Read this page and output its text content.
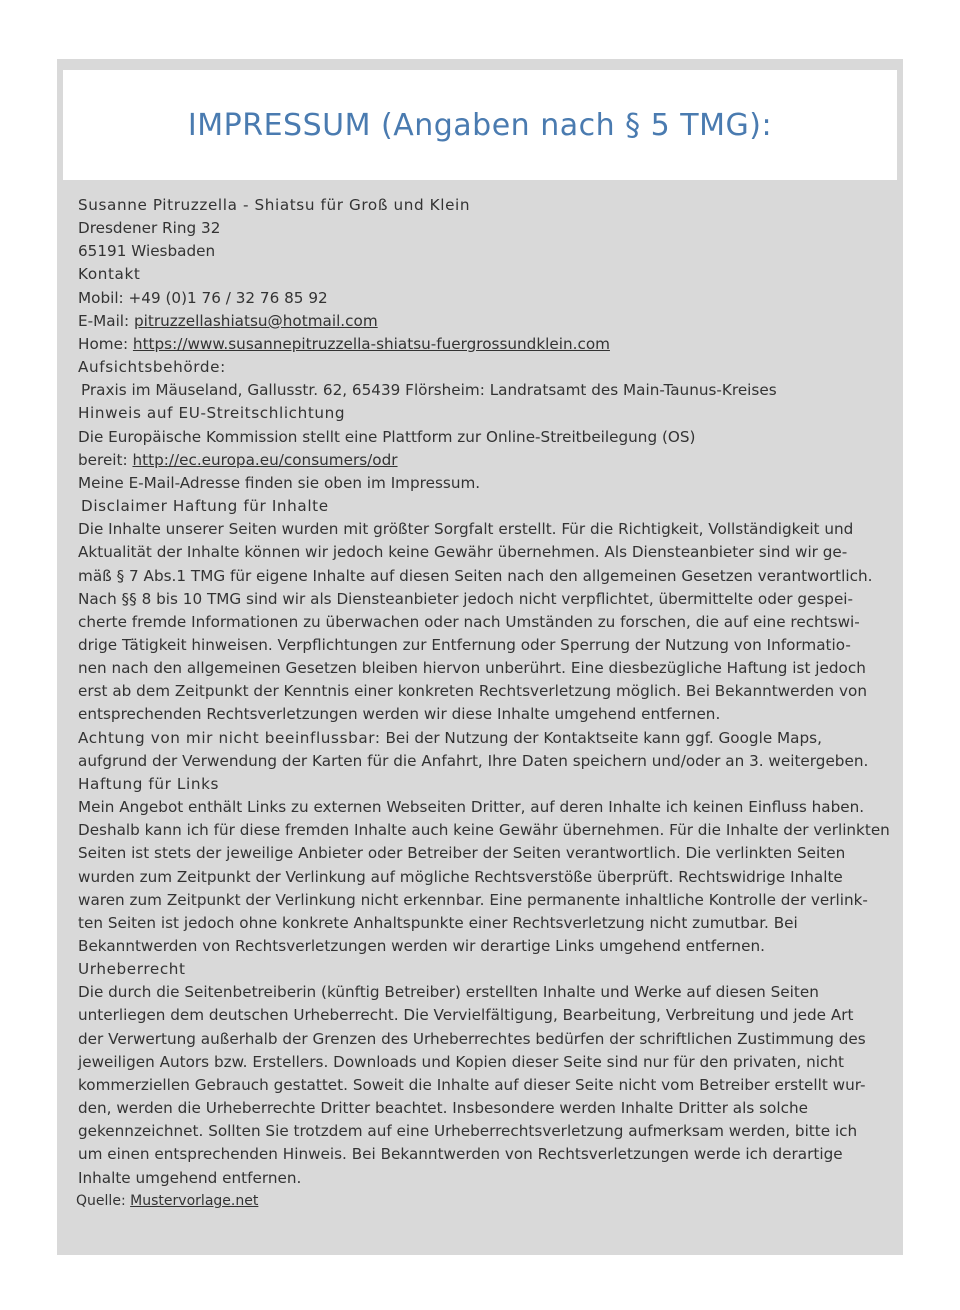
IMPRESSUM (Angaben nach § 5 TMG):
Susanne Pitruzzella - Shiatsu für Groß und Klein
Dresdener Ring 32
65191 Wiesbaden
Kontakt
Mobil: +49 (0)1 76 / 32 76 85 92
E-Mail: pitruzzellashiatsu@hotmail.com
Home: https://www.susannepitruzzella-shiatsu-fuergrossundklein.com
Aufsichtsbehörde:
Praxis im Mäuseland, Gallusstr. 62, 65439 Flörsheim: Landratsamt des Main-Taunus-Kreises
Hinweis auf EU-Streitschlichtung
Die Europäische Kommission stellt eine Plattform zur Online-Streitbeilegung (OS)
bereit: http://ec.europa.eu/consumers/odr
Meine E-Mail-Adresse finden sie oben im Impressum.
Disclaimer Haftung für Inhalte
Die Inhalte unserer Seiten wurden mit größter Sorgfalt erstellt. Für die Richtigkeit, Vollständigkeit und
Aktualität der Inhalte können wir jedoch keine Gewähr übernehmen. Als Diensteanbieter sind wir ge-
mäß § 7 Abs.1 TMG für eigene Inhalte auf diesen Seiten nach den allgemeinen Gesetzen verantwortlich.
Nach §§ 8 bis 10 TMG sind wir als Diensteanbieter jedoch nicht verpflichtet, übermittelte oder gespei-
cherte fremde Informationen zu überwachen oder nach Umständen zu forschen, die auf eine rechtswi-
drige Tätigkeit hinweisen. Verpflichtungen zur Entfernung oder Sperrung der Nutzung von Informatio-
nen nach den allgemeinen Gesetzen bleiben hiervon unberührt. Eine diesbezügliche Haftung ist jedoch
erst ab dem Zeitpunkt der Kenntnis einer konkreten Rechtsverletzung möglich. Bei Bekanntwerden von
entsprechenden Rechtsverletzungen werden wir diese Inhalte umgehend entfernen.
Achtung von mir nicht beeinflussbar: Bei der Nutzung der Kontaktseite kann ggf. Google Maps,
aufgrund der Verwendung der Karten für die Anfahrt, Ihre Daten speichern und/oder an 3. weitergeben.
Haftung für Links
Mein Angebot enthält Links zu externen Webseiten Dritter, auf deren Inhalte ich keinen Einfluss haben.
Deshalb kann ich für diese fremden Inhalte auch keine Gewähr übernehmen. Für die Inhalte der verlinkten
Seiten ist stets der jeweilige Anbieter oder Betreiber der Seiten verantwortlich. Die verlinkten Seiten
wurden zum Zeitpunkt der Verlinkung auf mögliche Rechtsverstöße überprüft. Rechtswidrige Inhalte
waren zum Zeitpunkt der Verlinkung nicht erkennbar. Eine permanente inhaltliche Kontrolle der verlink-
ten Seiten ist jedoch ohne konkrete Anhaltspunkte einer Rechtsverletzung nicht zumutbar. Bei
Bekanntwerden von Rechtsverletzungen werden wir derartige Links umgehend entfernen.
Urheberrecht
Die durch die Seitenbetreiberin (künftig Betreiber) erstellten Inhalte und Werke auf diesen Seiten
unterliegen dem deutschen Urheberrecht. Die Vervielfältigung, Bearbeitung, Verbreitung und jede Art
der Verwertung außerhalb der Grenzen des Urheberrechtes bedürfen der schriftlichen Zustimmung des
jeweiligen Autors bzw. Erstellers. Downloads und Kopien dieser Seite sind nur für den privaten, nicht
kommerziellen Gebrauch gestattet. Soweit die Inhalte auf dieser Seite nicht vom Betreiber erstellt wur-
den, werden die Urheberrechte Dritter beachtet. Insbesondere werden Inhalte Dritter als solche
gekennzeichnet. Sollten Sie trotzdem auf eine Urheberrechtsverletzung aufmerksam werden, bitte ich
um einen entsprechenden Hinweis. Bei Bekanntwerden von Rechtsverletzungen werde ich derartige
Inhalte umgehend entfernen.
Quelle: Mustervorlage.net
